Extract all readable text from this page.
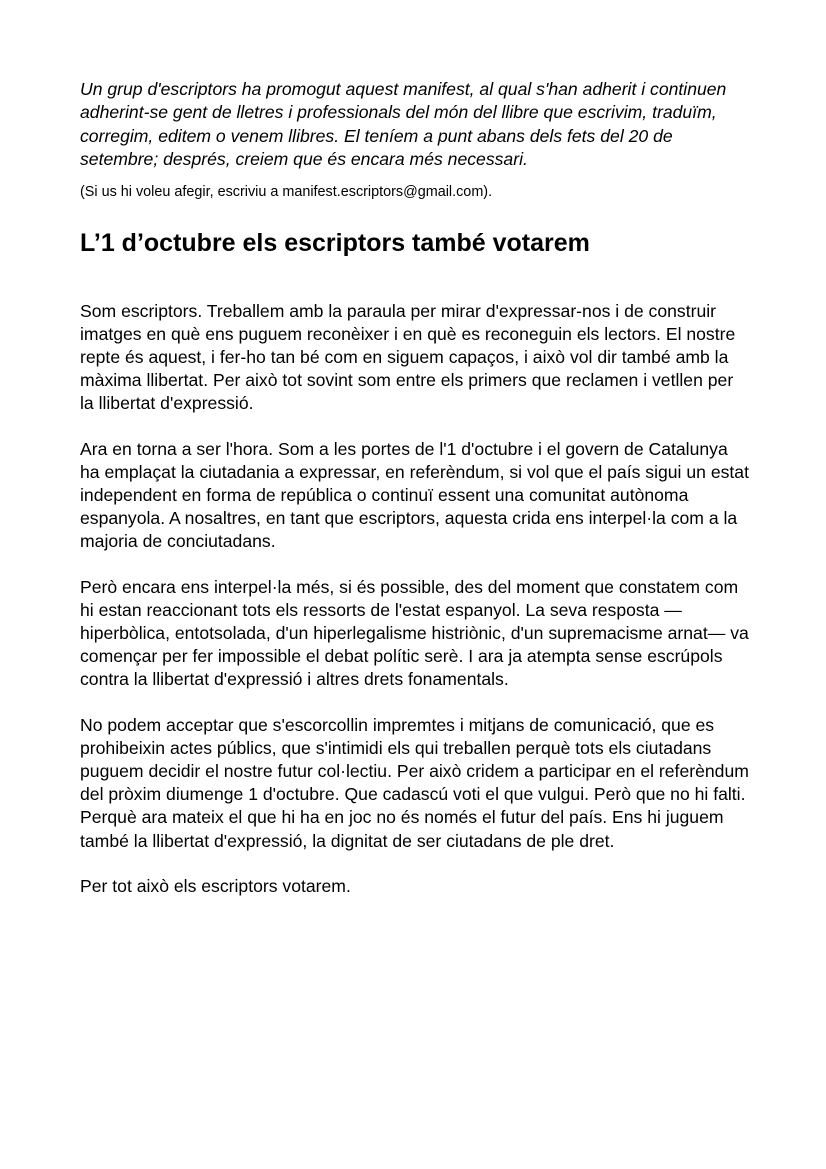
Un grup d'escriptors ha promogut aquest manifest, al qual s'han adherit i continuen adherint-se gent de lletres i professionals del món del llibre que escrivim, traduïm, corregim, editem o venem llibres. El teníem a punt abans dels fets del 20 de setembre; després, creiem que és encara més necessari.

(Si us hi voleu afegir, escriviu a manifest.escriptors@gmail.com).

L’1 d’octubre els escriptors també votarem

Som escriptors. Treballem amb la paraula per mirar d'expressar-nos i de construir imatges en què ens puguem reconèixer i en què es reconeguin els lectors. El nostre repte és aquest, i fer-ho tan bé com en siguem capaços, i això vol dir també amb la màxima llibertat. Per això tot sovint som entre els primers que reclamen i vetllen per la llibertat d'expressió.

Ara en torna a ser l'hora. Som a les portes de l'1 d'octubre i el govern de Catalunya ha emplaçat la ciutadania a expressar, en referèndum, si vol que el país sigui un estat independent en forma de república o continuï essent una comunitat autònoma espanyola. A nosaltres, en tant que escriptors, aquesta crida ens interpel·la com a la majoria de conciutadans.

Però encara ens interpel·la més, si és possible, des del moment que constatem com hi estan reaccionant tots els ressorts de l'estat espanyol. La seva resposta —hiperbòlica, entotsolada, d'un hiperlegalisme histriònic, d'un supremacisme arnat— va començar per fer impossible el debat polític serè. I ara ja atempta sense escrúpols contra la llibertat d'expressió i altres drets fonamentals.

No podem acceptar que s'escorcollin impremtes i mitjans de comunicació, que es prohibeixin actes públics, que s'intimidi els qui treballen perquè tots els ciutadans puguem decidir el nostre futur col·lectiu. Per això cridem a participar en el referèndum del pròxim diumenge 1 d'octubre. Que cadascú voti el que vulgui. Però que no hi falti. Perquè ara mateix el que hi ha en joc no és només el futur del país. Ens hi juguem també la llibertat d'expressió, la dignitat de ser ciutadans de ple dret.

Per tot això els escriptors votarem.
